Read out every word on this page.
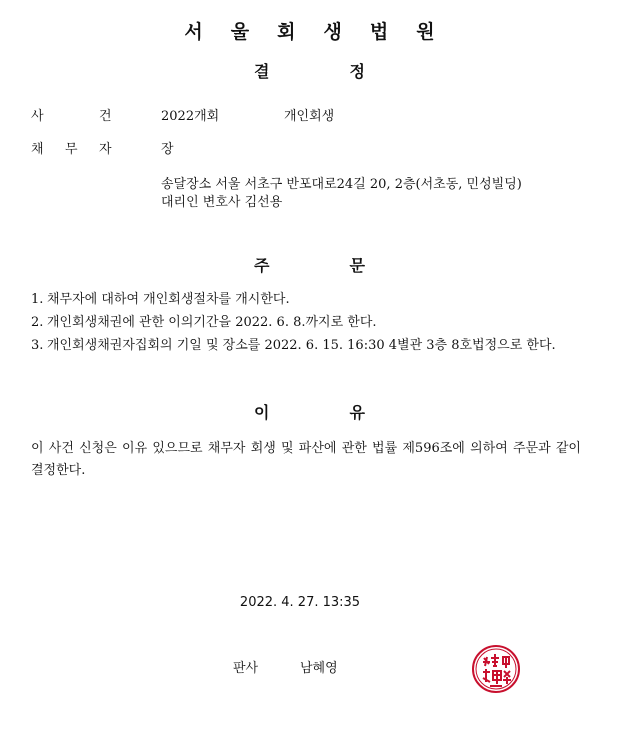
서 울 회 생 법 원
결	정
사	건	2022개회	개인회생
채 무 자	장
송달장소 서울 서초구 반포대로24길 20, 2층(서초동, 민성빌딩)
대리인 변호사 김선용
주	문
1. 채무자에 대하여 개인회생절차를 개시한다.
2. 개인회생채권에 관한 이의기간을 2022. 6. 8.까지로 한다.
3. 개인회생채권자집회의 기일 및 장소를 2022. 6. 15. 16:30 4별관 3층 8호법정으로 한다.
이	유
이 사건 신청은 이유 있으므로 채무자 회생 및 파산에 관한 법률 제596조에 의하여 주문과 같이 결정한다.
2022. 4. 27. 13:35
판사	남혜영
